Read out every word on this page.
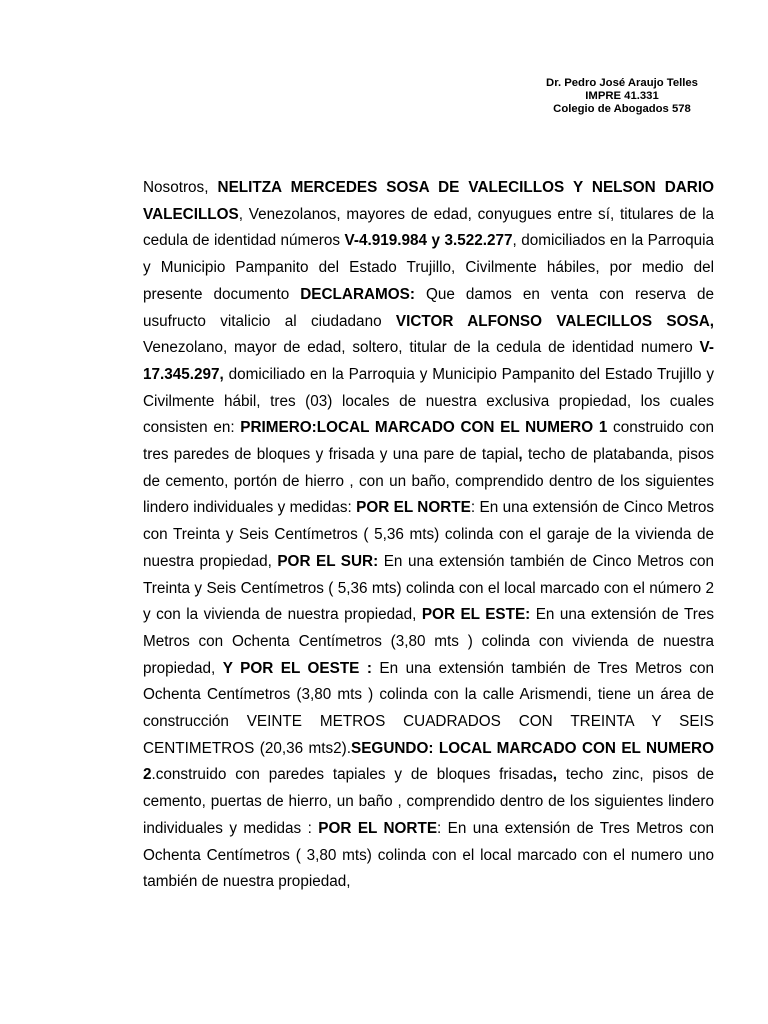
Dr. Pedro José Araujo Telles
IMPRE 41.331
Colegio de Abogados 578

Nosotros, NELITZA MERCEDES SOSA DE VALECILLOS Y NELSON DARIO VALECILLOS, Venezolanos, mayores de edad, conyugues entre sí, titulares de la cedula de identidad números V-4.919.984 y 3.522.277, domiciliados en la Parroquia y Municipio Pampanito del Estado Trujillo, Civilmente hábiles, por medio del presente documento DECLARAMOS: Que damos en venta con reserva de usufructo vitalicio al ciudadano VICTOR ALFONSO VALECILLOS SOSA, Venezolano, mayor de edad, soltero, titular de la cedula de identidad numero V-17.345.297, domiciliado en la Parroquia y Municipio Pampanito del Estado Trujillo y Civilmente hábil, tres (03) locales de nuestra exclusiva propiedad, los cuales consisten en: PRIMERO:LOCAL MARCADO CON EL NUMERO 1 construido con tres paredes de bloques y frisada y una pare de tapial, techo de platabanda, pisos de cemento, portón de hierro , con un baño, comprendido dentro de los siguientes lindero individuales y medidas: POR EL NORTE: En una extensión de Cinco Metros con Treinta y Seis Centímetros ( 5,36 mts) colinda con el garaje de la vivienda de nuestra propiedad, POR EL SUR: En una extensión también de Cinco Metros con Treinta y Seis Centímetros ( 5,36 mts) colinda con el local marcado con el número 2 y con la vivienda de nuestra propiedad, POR EL ESTE: En una extensión de Tres Metros con Ochenta Centímetros (3,80 mts ) colinda con vivienda de nuestra propiedad, Y POR EL OESTE : En una extensión también de Tres Metros con Ochenta Centímetros (3,80 mts ) colinda con la calle Arismendi, tiene un área de construcción VEINTE METROS CUADRADOS CON TREINTA Y SEIS CENTIMETROS (20,36 mts2).SEGUNDO: LOCAL MARCADO CON EL NUMERO 2.construido con paredes tapiales y de bloques frisadas, techo zinc, pisos de cemento, puertas de hierro, un baño , comprendido dentro de los siguientes lindero individuales y medidas : POR EL NORTE: En una extensión de Tres Metros con Ochenta Centímetros ( 3,80 mts) colinda con el local marcado con el numero uno también de nuestra propiedad,
